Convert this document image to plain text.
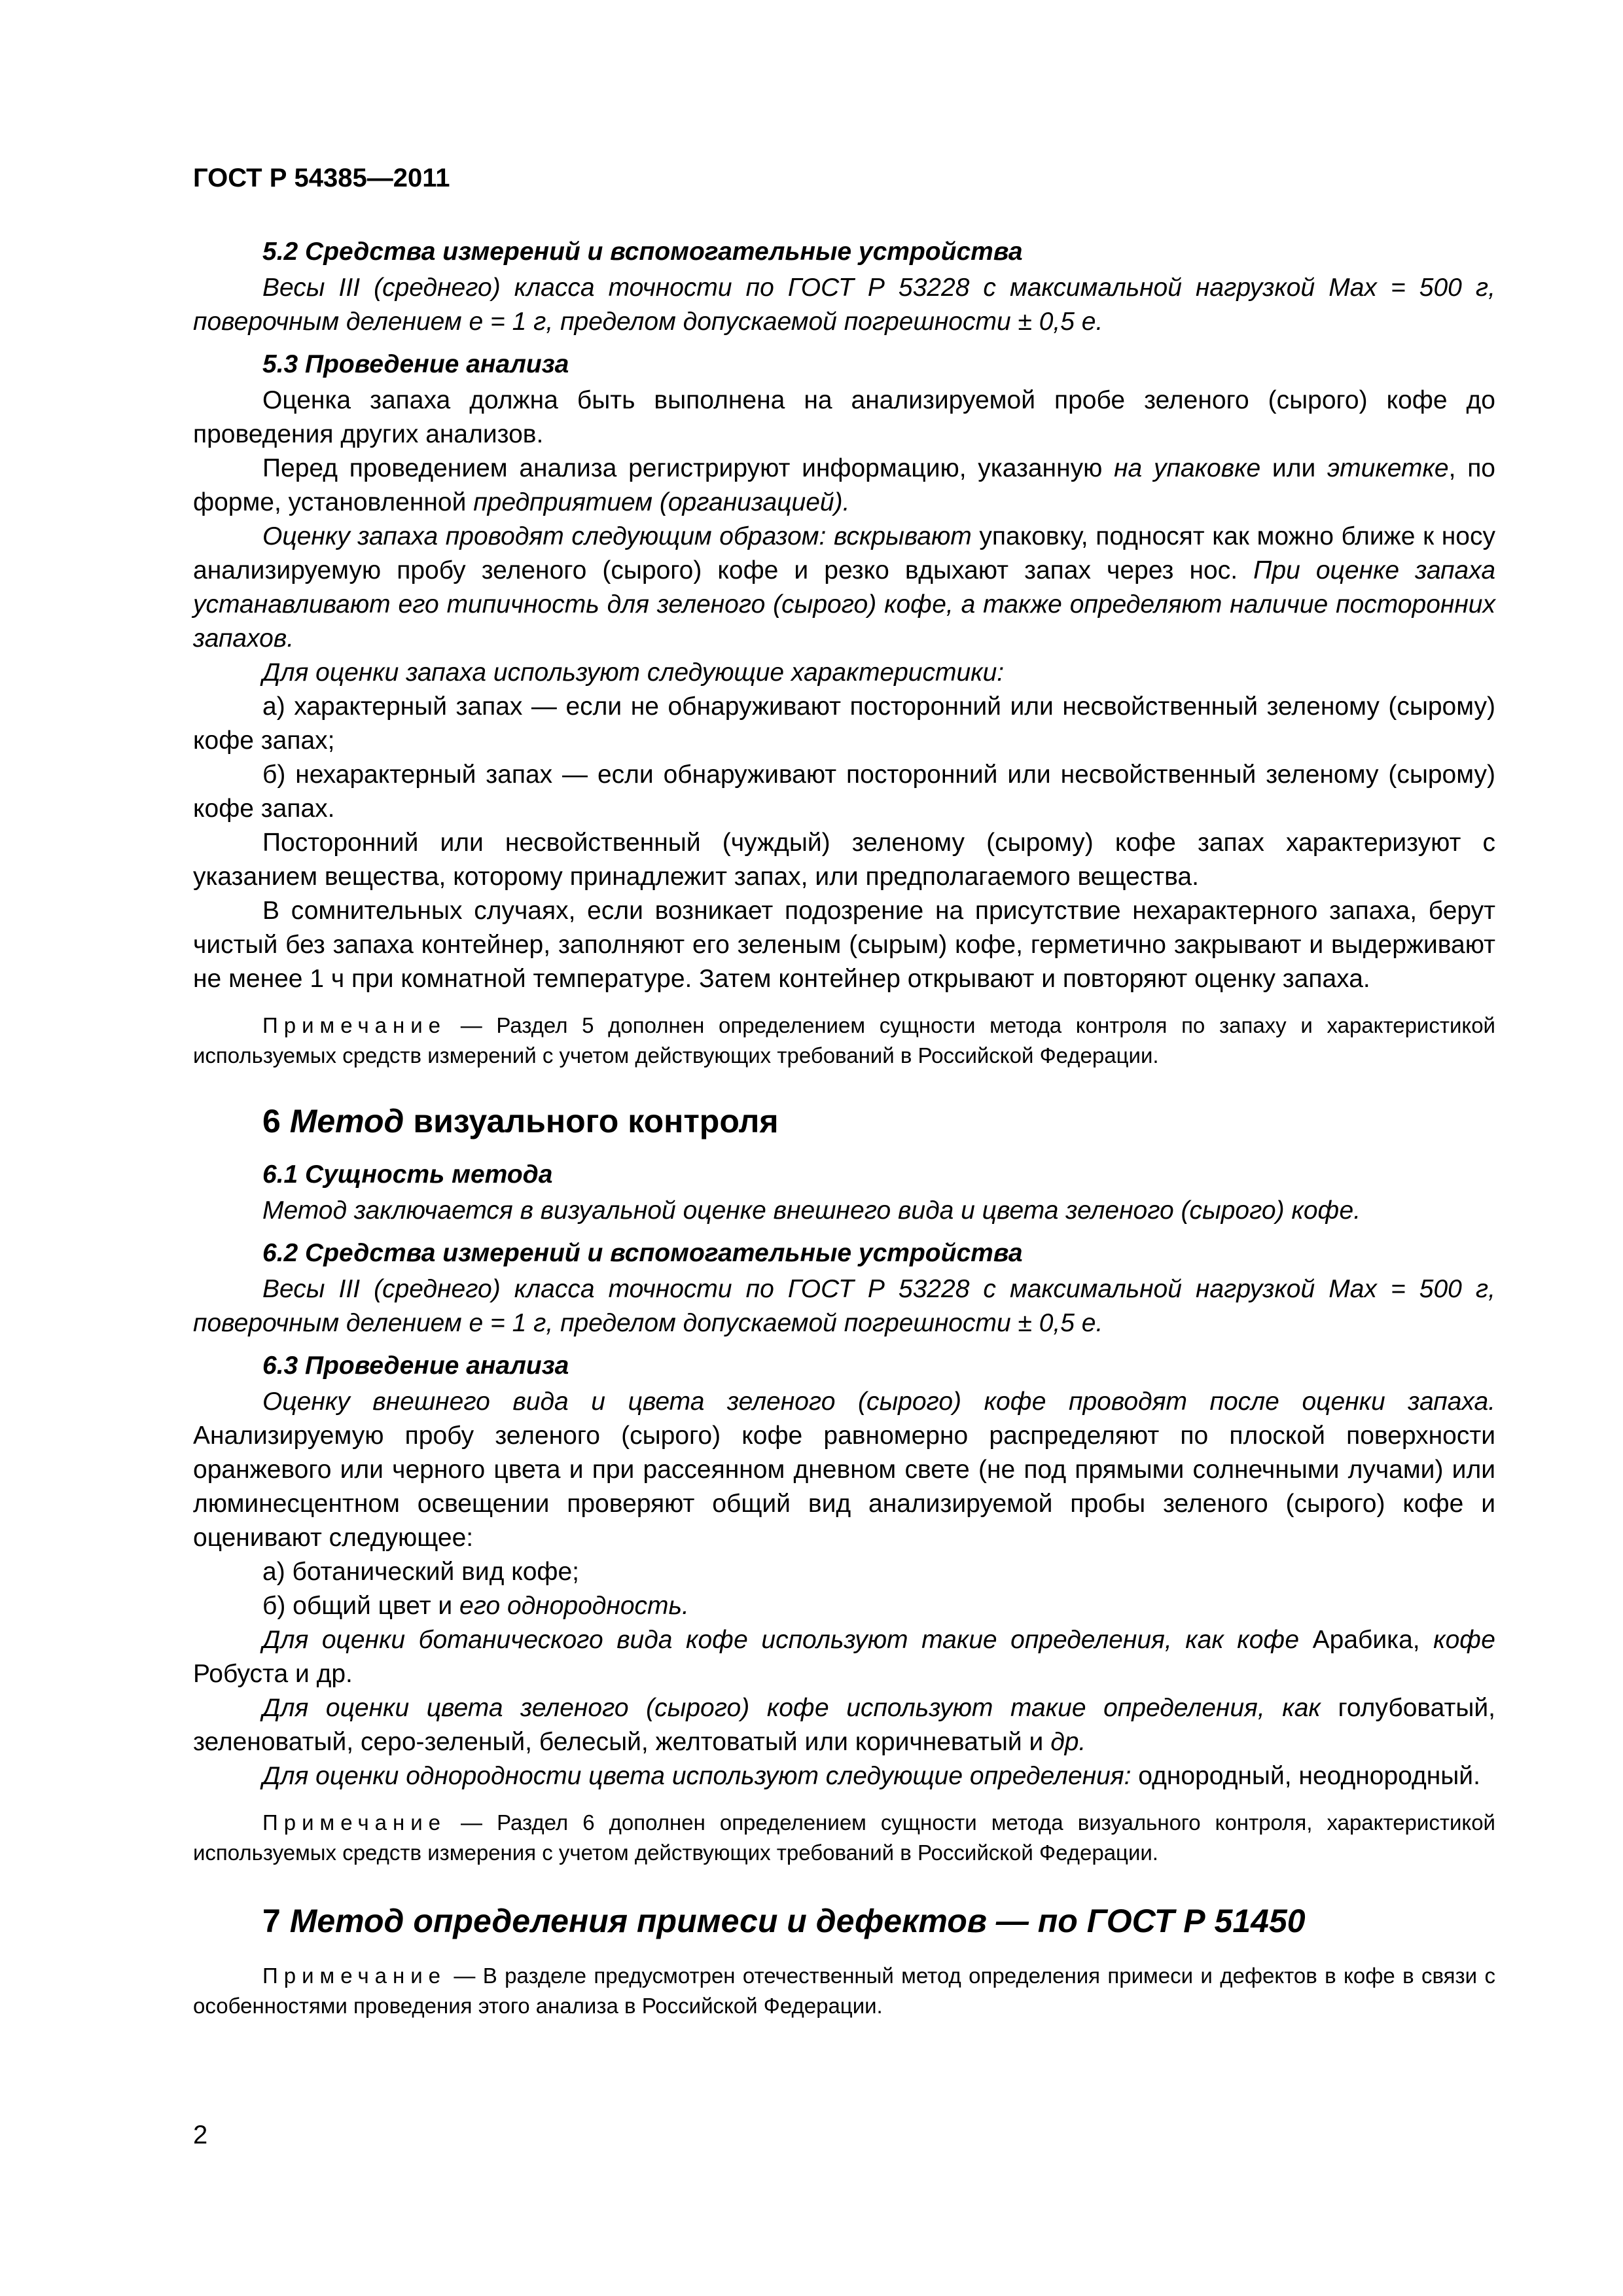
ГОСТ Р 54385—2011

5.2 Средства измерений и вспомогательные устройства

Весы III (среднего) класса точности по ГОСТ Р 53228 с максимальной нагрузкой Max = 500 г, поверочным делением е = 1 г, пределом допускаемой погрешности ± 0,5 е.

5.3 Проведение анализа

Оценка запаха должна быть выполнена на анализируемой пробе зеленого (сырого) кофе до проведения других анализов.

Перед проведением анализа регистрируют информацию, указанную на упаковке или этикетке, по форме, установленной предприятием (организацией).

Оценку запаха проводят следующим образом: вскрывают упаковку, подносят как можно ближе к носу анализируемую пробу зеленого (сырого) кофе и резко вдыхают запах через нос. При оценке запаха устанавливают его типичность для зеленого (сырого) кофе, а также определяют наличие посторонних запахов.

Для оценки запаха используют следующие характеристики:

а) характерный запах — если не обнаруживают посторонний или несвойственный зеленому (сырому) кофе запах;

б) нехарактерный запах — если обнаруживают посторонний или несвойственный зеленому (сырому) кофе запах.

Посторонний или несвойственный (чуждый) зеленому (сырому) кофе запах характеризуют с указанием вещества, которому принадлежит запах, или предполагаемого вещества.

В сомнительных случаях, если возникает подозрение на присутствие нехарактерного запаха, берут чистый без запаха контейнер, заполняют его зеленым (сырым) кофе, герметично закрывают и выдерживают не менее 1 ч при комнатной температуре. Затем контейнер открывают и повторяют оценку запаха.

Примечание — Раздел 5 дополнен определением сущности метода контроля по запаху и характеристикой используемых средств измерений с учетом действующих требований в Российской Федерации.

6 Метод визуального контроля

6.1 Сущность метода

Метод заключается в визуальной оценке внешнего вида и цвета зеленого (сырого) кофе.

6.2 Средства измерений и вспомогательные устройства

Весы III (среднего) класса точности по ГОСТ Р 53228 с максимальной нагрузкой Max = 500 г, поверочным делением е = 1 г, пределом допускаемой погрешности ± 0,5 е.

6.3 Проведение анализа

Оценку внешнего вида и цвета зеленого (сырого) кофе проводят после оценки запаха. Анализируемую пробу зеленого (сырого) кофе равномерно распределяют по плоской поверхности оранжевого или черного цвета и при рассеянном дневном свете (не под прямыми солнечными лучами) или люминесцентном освещении проверяют общий вид анализируемой пробы зеленого (сырого) кофе и оценивают следующее:

а) ботанический вид кофе;

б) общий цвет и его однородность.

Для оценки ботанического вида кофе используют такие определения, как кофе Арабика, кофе Робуста и др.

Для оценки цвета зеленого (сырого) кофе используют такие определения, как голубоватый, зеленоватый, серо-зеленый, белесый, желтоватый или коричневатый и др.

Для оценки однородности цвета используют следующие определения: однородный, неоднородный.

Примечание — Раздел 6 дополнен определением сущности метода визуального контроля, характеристикой используемых средств измерения с учетом действующих требований в Российской Федерации.

7 Метод определения примеси и дефектов — по ГОСТ Р 51450

Примечание — В разделе предусмотрен отечественный метод определения примеси и дефектов в кофе в связи с особенностями проведения этого анализа в Российской Федерации.

2
